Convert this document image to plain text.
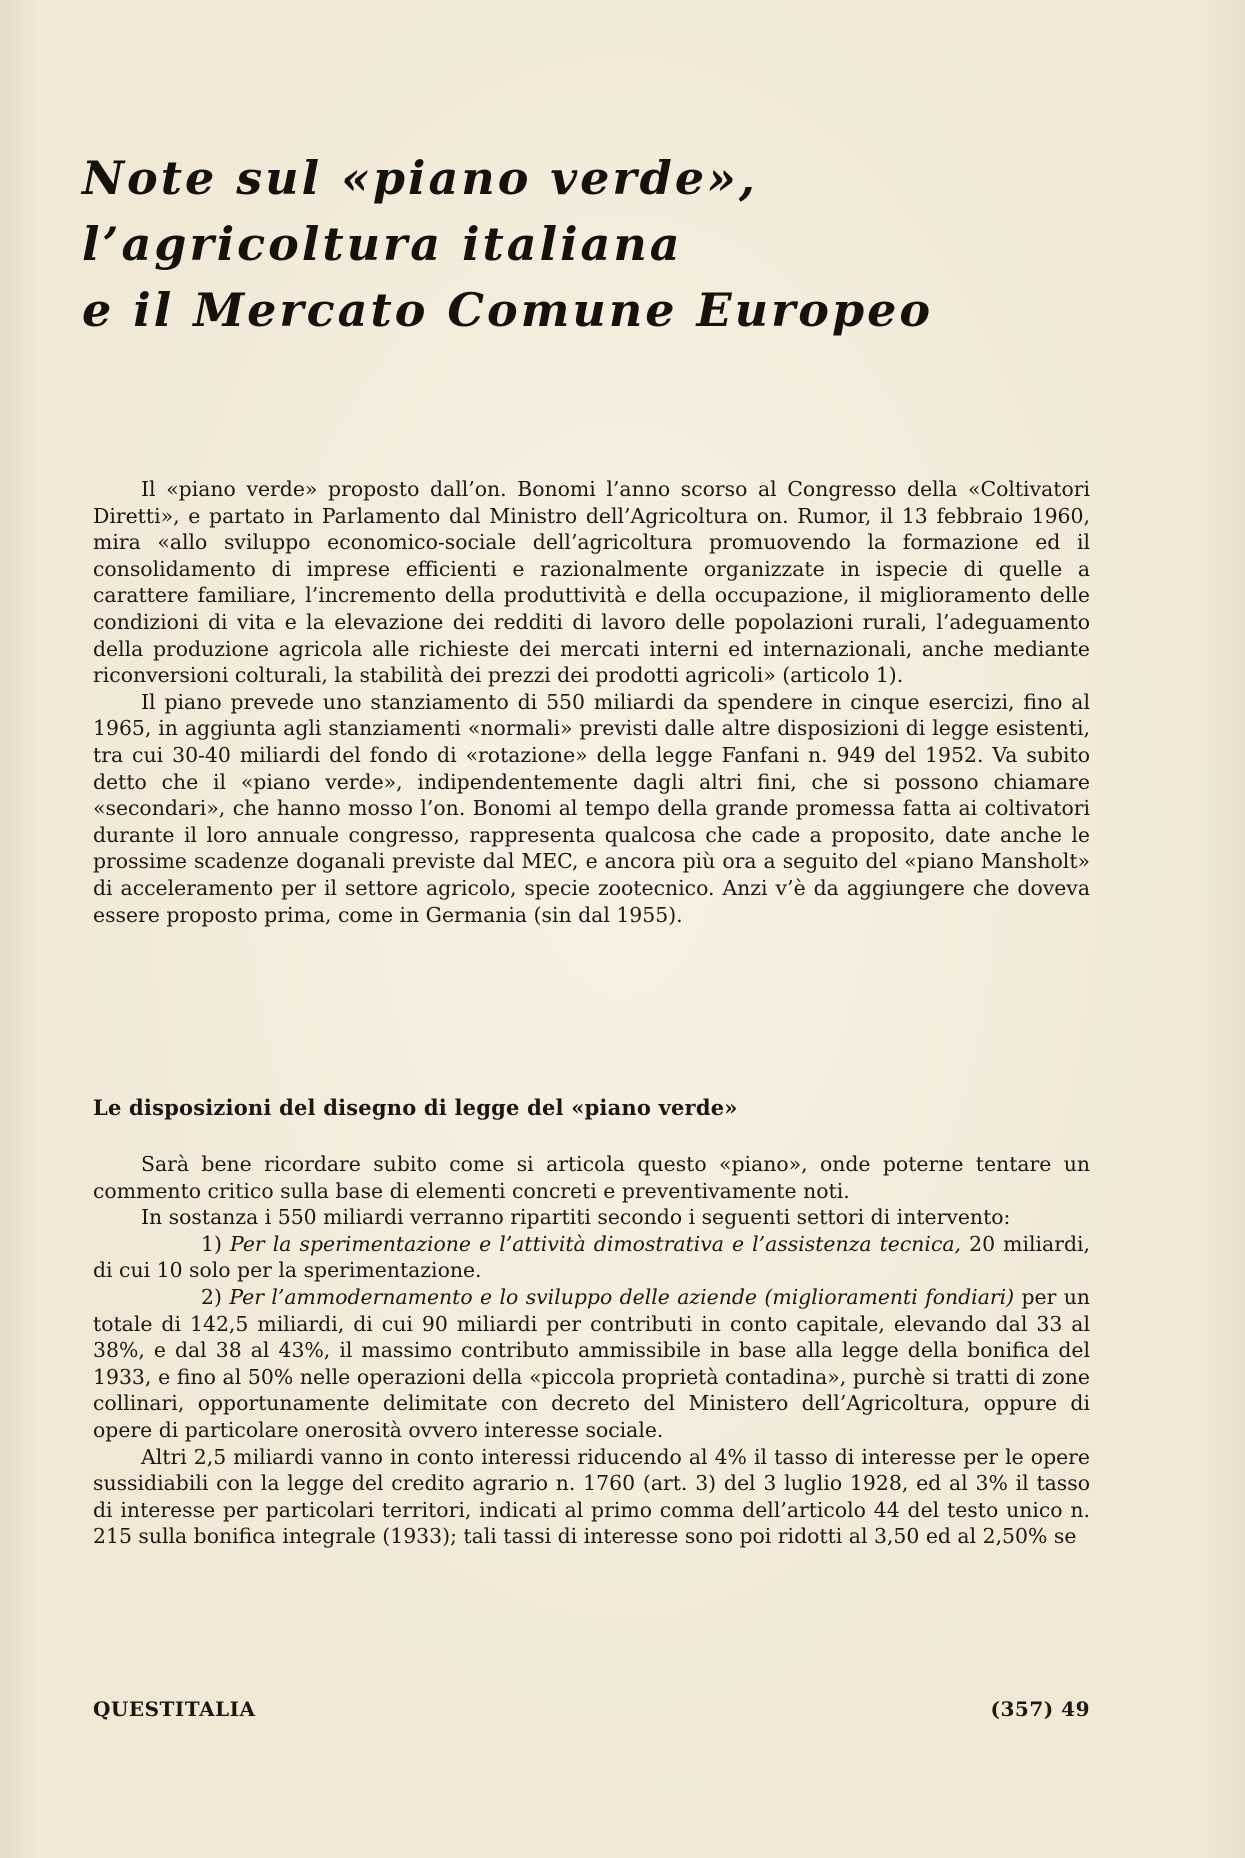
Note sul «piano verde»,
l’agricoltura italiana
e il Mercato Comune Europeo

Il «piano verde» proposto dall’on. Bonomi l’anno scorso al Congresso della «Coltivatori Diretti», e partato in Parlamento dal Ministro dell’Agricoltura on. Rumor, il 13 febbraio 1960, mira «allo sviluppo economico-sociale dell’agricoltura promuovendo la formazione ed il consolidamento di imprese efficienti e razionalmente organizzate in ispecie di quelle a carattere familiare, l’incremento della produttività e della occupazione, il miglioramento delle condizioni di vita e la elevazione dei redditi di lavoro delle popolazioni rurali, l’adeguamento della produzione agricola alle richieste dei mercati interni ed internazionali, anche mediante riconversioni colturali, la stabilità dei prezzi dei prodotti agricoli» (articolo 1).

Il piano prevede uno stanziamento di 550 miliardi da spendere in cinque esercizi, fino al 1965, in aggiunta agli stanziamenti «normali» previsti dalle altre disposizioni di legge esistenti, tra cui 30-40 miliardi del fondo di «rotazione» della legge Fanfani n. 949 del 1952. Va subito detto che il «piano verde», indipendentemente dagli altri fini, che si possono chiamare «secondari», che hanno mosso l’on. Bonomi al tempo della grande promessa fatta ai coltivatori durante il loro annuale congresso, rappresenta qualcosa che cade a proposito, date anche le prossime scadenze doganali previste dal MEC, e ancora più ora a seguito del «piano Mansholt» di acceleramento per il settore agricolo, specie zootecnico. Anzi v’è da aggiungere che doveva essere proposto prima, come in Germania (sin dal 1955).

Le disposizioni del disegno di legge del «piano verde»

Sarà bene ricordare subito come si articola questo «piano», onde poterne tentare un commento critico sulla base di elementi concreti e preventivamente noti.

In sostanza i 550 miliardi verranno ripartiti secondo i seguenti settori di intervento:

1) Per la sperimentazione e l’attività dimostrativa e l’assistenza tecnica, 20 miliardi, di cui 10 solo per la sperimentazione.

2) Per l’ammodernamento e lo sviluppo delle aziende (miglioramenti fondiari) per un totale di 142,5 miliardi, di cui 90 miliardi per contributi in conto capitale, elevando dal 33 al 38%, e dal 38 al 43%, il massimo contributo ammissibile in base alla legge della bonifica del 1933, e fino al 50% nelle operazioni della «piccola proprietà contadina», purchè si tratti di zone collinari, opportunamente delimitate con decreto del Ministero dell’Agricoltura, oppure di opere di particolare onerosità ovvero interesse sociale.

Altri 2,5 miliardi vanno in conto interessi riducendo al 4% il tasso di interesse per le opere sussidiabili con la legge del credito agrario n. 1760 (art. 3) del 3 luglio 1928, ed al 3% il tasso di interesse per particolari territori, indicati al primo comma dell’articolo 44 del testo unico n. 215 sulla bonifica integrale (1933); tali tassi di interesse sono poi ridotti al 3,50 ed al 2,50% se

QUESTITALIA	(357) 49
